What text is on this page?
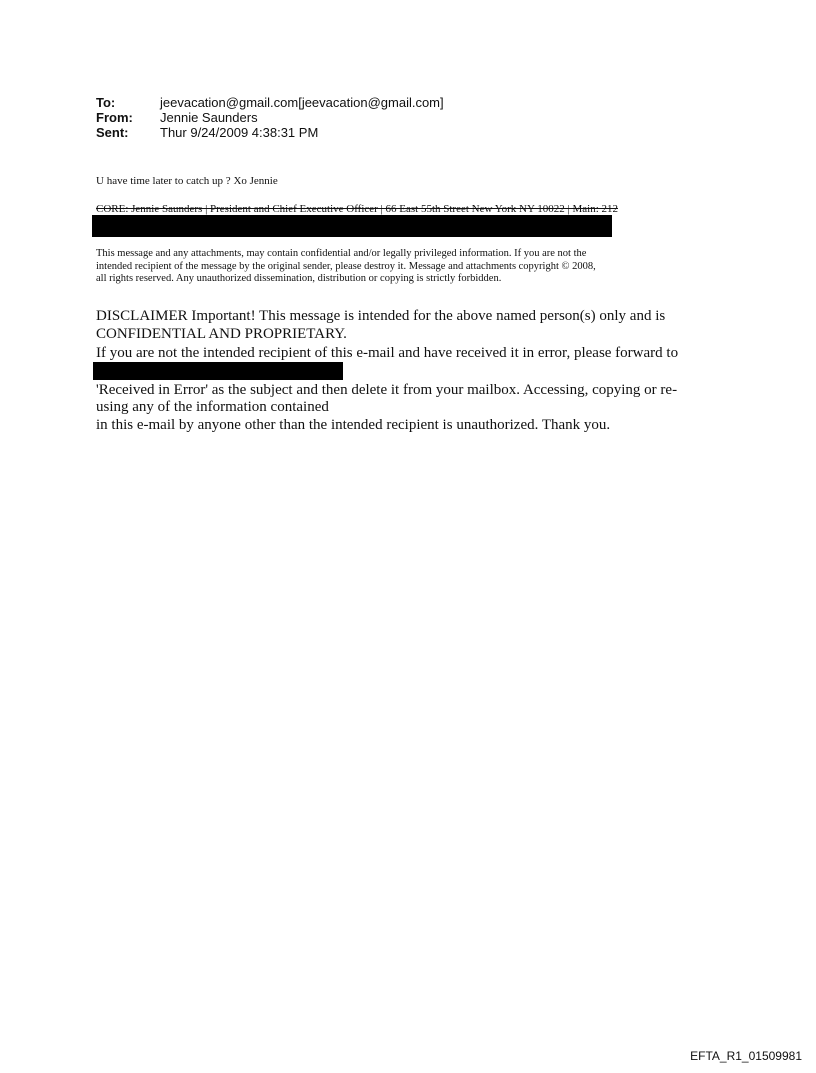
To:	jeevacation@gmail.com[jeevacation@gmail.com]
From:	Jennie Saunders
Sent:	Thur 9/24/2009 4:38:31 PM
U have time later to catch up ? Xo Jennie
CORE: Jennie Saunders | President and Chief Executive Officer | 66 East 55th Street New York NY 10022 | Main: 212
This message and any attachments, may contain confidential and/or legally privileged information. If you are not the
intended recipient of the message by the original sender, please destroy it. Message and attachments copyright © 2008,
all rights reserved. Any unauthorized dissemination, distribution or copying is strictly forbidden.
DISCLAIMER Important! This message is intended for the above named person(s) only and is
CONFIDENTIAL AND PROPRIETARY.
If you are not the intended recipient of this e-mail and have received it in error, please forward to
'Received in Error' as the subject and then delete it from your mailbox. Accessing, copying or re-
using any of the information contained
in this e-mail by anyone other than the intended recipient is unauthorized. Thank you.
EFTA_R1_01509981
